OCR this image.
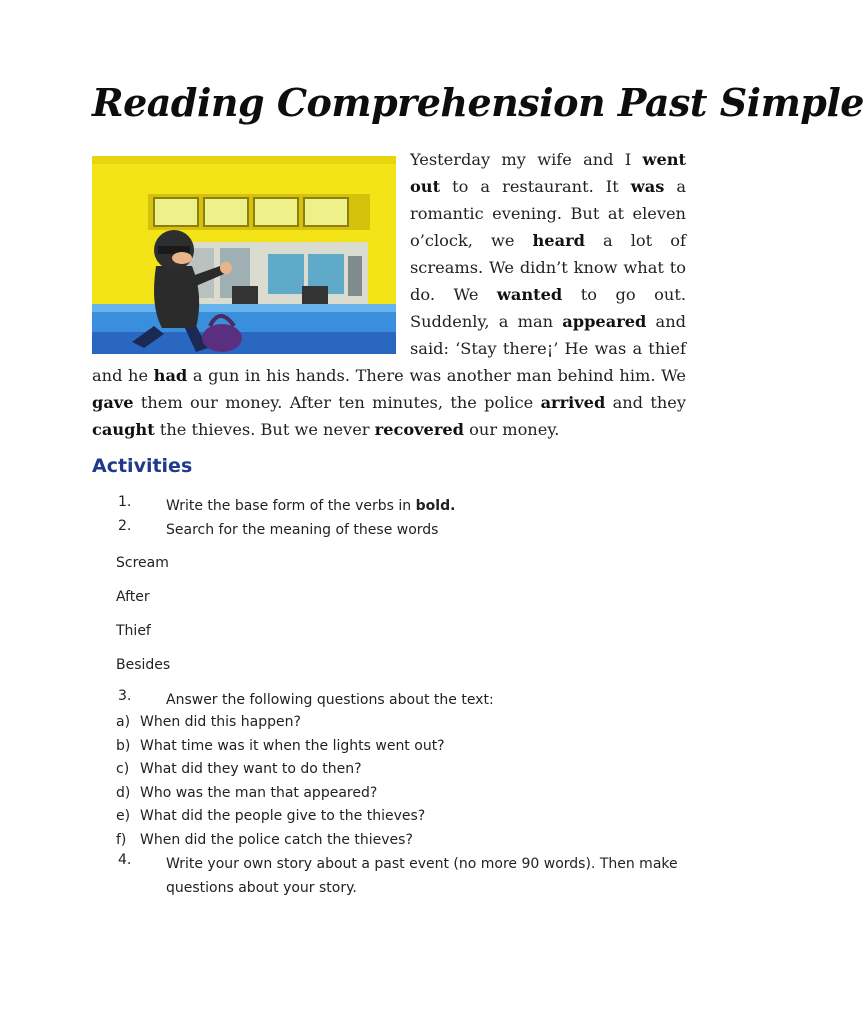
Reading Comprehension Past Simple
Yesterday my wife and I went out to a restaurant. It was a romantic evening. But at eleven o’clock, we heard a lot of screams. We didn’t know what to do. We wanted to go out. Suddenly, a man appeared and said: ‘Stay there¡’ He was a thief and he had a gun in his hands. There was another man behind him. We gave them our money. After ten minutes, the police arrived and they caught the thieves. But we never recovered our money.
Activities
1.	Write the base form of the verbs in bold.
2.	Search for the meaning of these words
Scream
After
Thief
Besides
3.	Answer the following questions about the text:
a) When did this happen?
b) What time was it when the lights went out?
c) What did they want to do then?
d) Who was the man that appeared?
e) What did the people give to the thieves?
f) When did the police catch the thieves?
4.	Write your own story about a past event (no more 90 words). Then make questions about your story.
